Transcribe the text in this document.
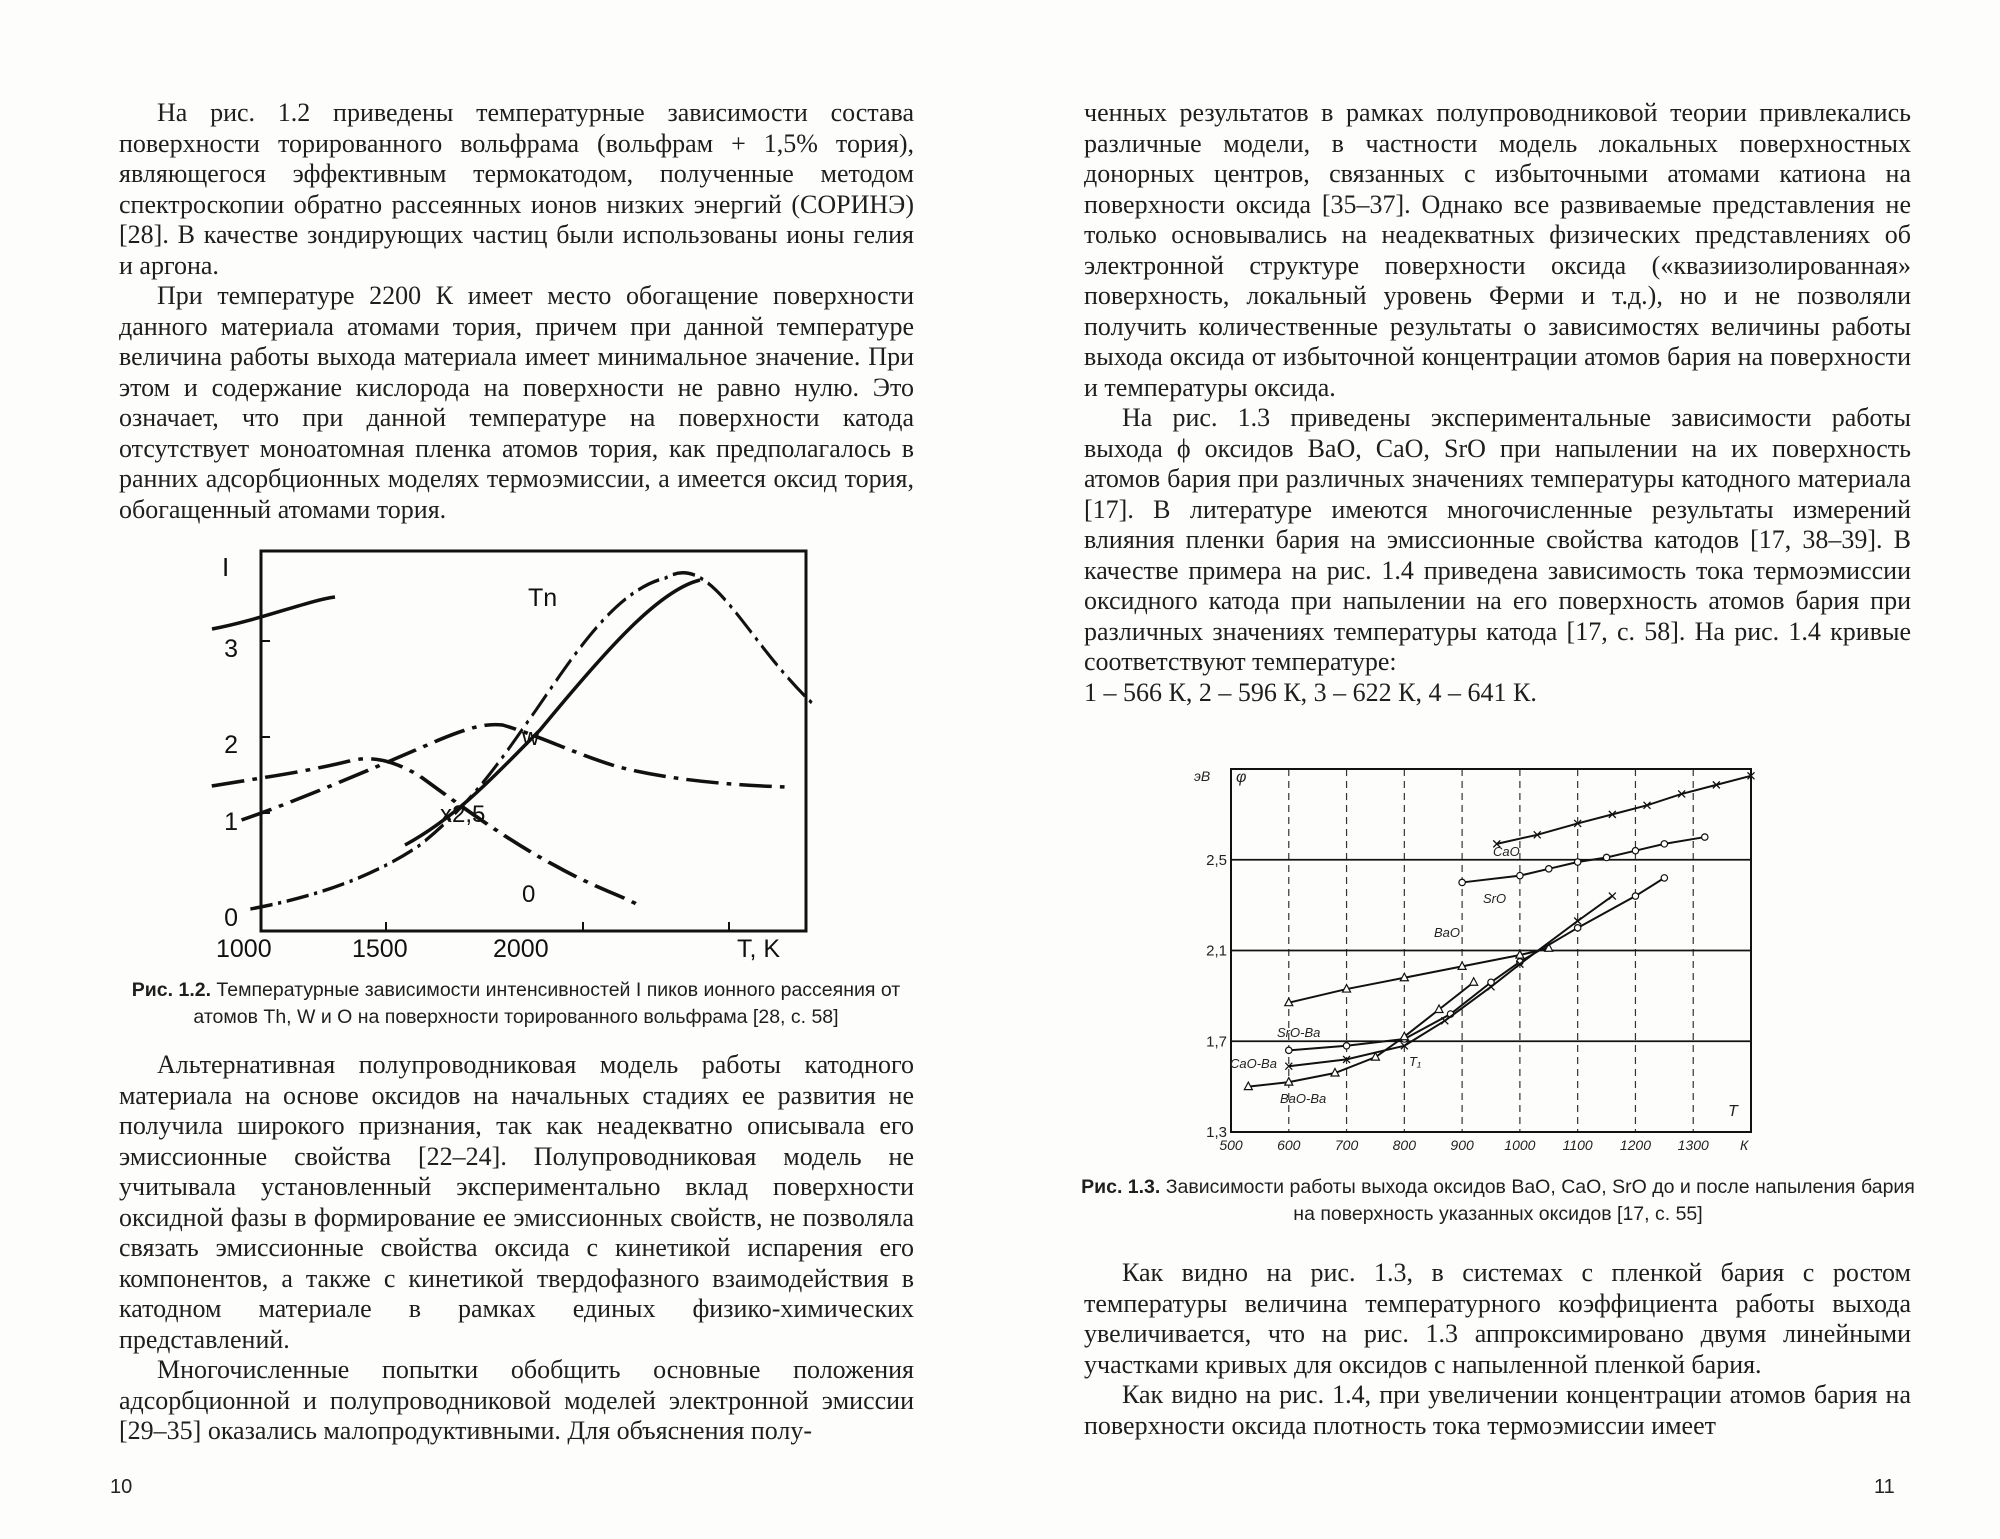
На рис. 1.2 приведены температурные зависимости состава поверхности торированного вольфрама (вольфрам + 1,5% тория), являющегося эффективным термокатодом, полученные методом спектроскопии обратно рассеянных ионов низких энергий (СОРИНЭ) [28]. В качестве зондирующих частиц были использованы ионы гелия и аргона.

При температуре 2200 К имеет место обогащение поверхности данного материала атомами тория, причем при данной температуре величина работы выхода материала имеет минимальное значение. При этом и содержание кислорода на поверхности не равно нулю. Это означает, что при данной температуре на поверхности катода отсутствует моноатомная пленка атомов тория, как предполагалось в ранних адсорбционных моделях термоэмиссии, а имеется оксид тория, обогащенный атомами тория.

I
T, K
0
1
2
3
1000	1500	2000
Tn
w
x2,5
0
Рис. 1.2. Температурные зависимости интенсивностей I пиков ионного рассеяния от атомов Th, W и O на поверхности торированного вольфрама [28, с. 58]

Альтернативная полупроводниковая модель работы катодного материала на основе оксидов на начальных стадиях ее развития не получила широкого признания, так как неадекватно описывала его эмиссионные свойства [22–24]. Полупроводниковая модель не учитывала установленный экспериментально вклад поверхности оксидной фазы в формирование ее эмиссионных свойств, не позволяла связать эмиссионные свойства оксида с кинетикой испарения его компонентов, а также с кинетикой твердофазного взаимодействия в катодном материале в рамках единых физико-химических представлений.

Многочисленные попытки обобщить основные положения адсорбционной и полупроводниковой моделей электронной эмиссии [29–35] оказались малопродуктивными. Для объяснения полу-

10

ченных результатов в рамках полупроводниковой теории привлекались различные модели, в частности модель локальных поверхностных донорных центров, связанных с избыточными атомами катиона на поверхности оксида [35–37]. Однако все развиваемые представления не только основывались на неадекватных физических представлениях об электронной структуре поверхности оксида («квазиизолированная» поверхность, локальный уровень Ферми и т.д.), но и не позволяли получить количественные результаты о зависимостях величины работы выхода оксида от избыточной концентрации атомов бария на поверхности и температуры оксида.

На рис. 1.3 приведены экспериментальные зависимости работы выхода ϕ оксидов BaO, CaO, SrO при напылении на их поверхность атомов бария при различных значениях температуры катодного материала [17]. В литературе имеются многочисленные результаты измерений влияния пленки бария на эмиссионные свойства катодов [17, 38–39]. В качестве примера на рис. 1.4 приведена зависимость тока термоэмиссии оксидного катода при напылении на его поверхность атомов бария при различных значениях температуры катода [17, с. 58]. На рис. 1.4 кривые соответствуют температуре:

1 – 566 К, 2 – 596 К, 3 – 622 К, 4 – 641 К.

эВ φ
T
К
2,5
2,1
1,7
1,3
500 600 700 800 900 1000 1100 1200 1300
CaO
SrO
BaO
SrO-Ba
CaO-Ba
BaO-Ba
T₁
Рис. 1.3. Зависимости работы выхода оксидов BaO, CaO, SrO до и после напыления бария на поверхность указанных оксидов [17, с. 55]

Как видно на рис. 1.3, в системах с пленкой бария с ростом температуры величина температурного коэффициента работы выхода увеличивается, что на рис. 1.3 аппроксимировано двумя линейными участками кривых для оксидов с напыленной пленкой бария.

Как видно на рис. 1.4, при увеличении концентрации атомов бария на поверхности оксида плотность тока термоэмиссии имеет

11
